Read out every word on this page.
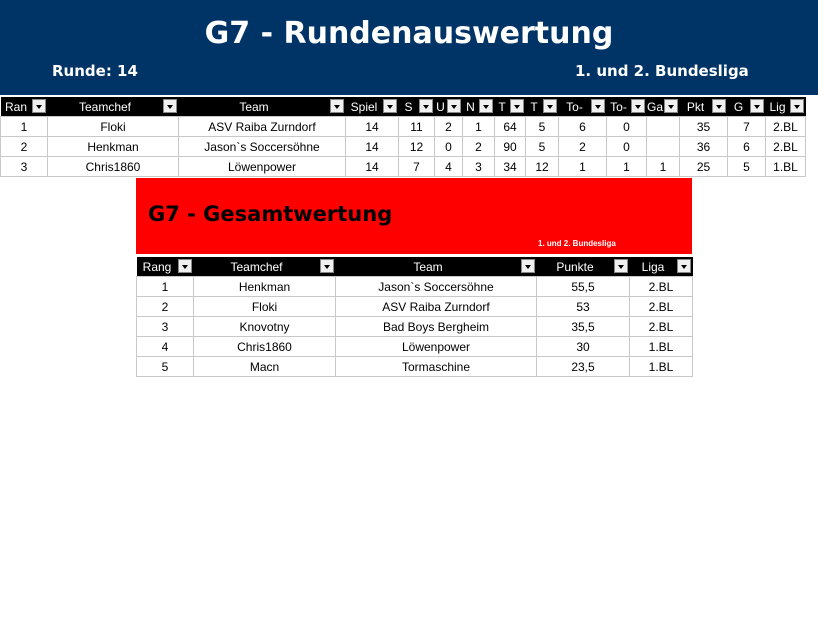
G7 - Rundenauswertung
Runde: 14	1. und 2. Bundesliga
Ran	Teamchef	Team	Spiel	S	U	N	T	T	To-	To-	Ga	Pkt	G	Lig

1	Floki	ASV Raiba Zurndorf	14	11	2	1	64	5	6	0		35	7	2.BL
2	Henkman	Jason`s Soccersöhne	14	12	0	2	90	5	2	0		36	6	2.BL
3	Chris1860	Löwenpower	14	7	4	3	34	12	1	1	1	25	5	1.BL
G7 - Gesamtwertung
1. und 2. Bundesliga
Rang	Teamchef	Team	Punkte	Liga

1	Henkman	Jason`s Soccersöhne	55,5	2.BL
2	Floki	ASV Raiba Zurndorf	53	2.BL
3	Knovotny	Bad Boys Bergheim	35,5	2.BL
4	Chris1860	Löwenpower	30	1.BL
5	Macn	Tormaschine	23,5	1.BL
